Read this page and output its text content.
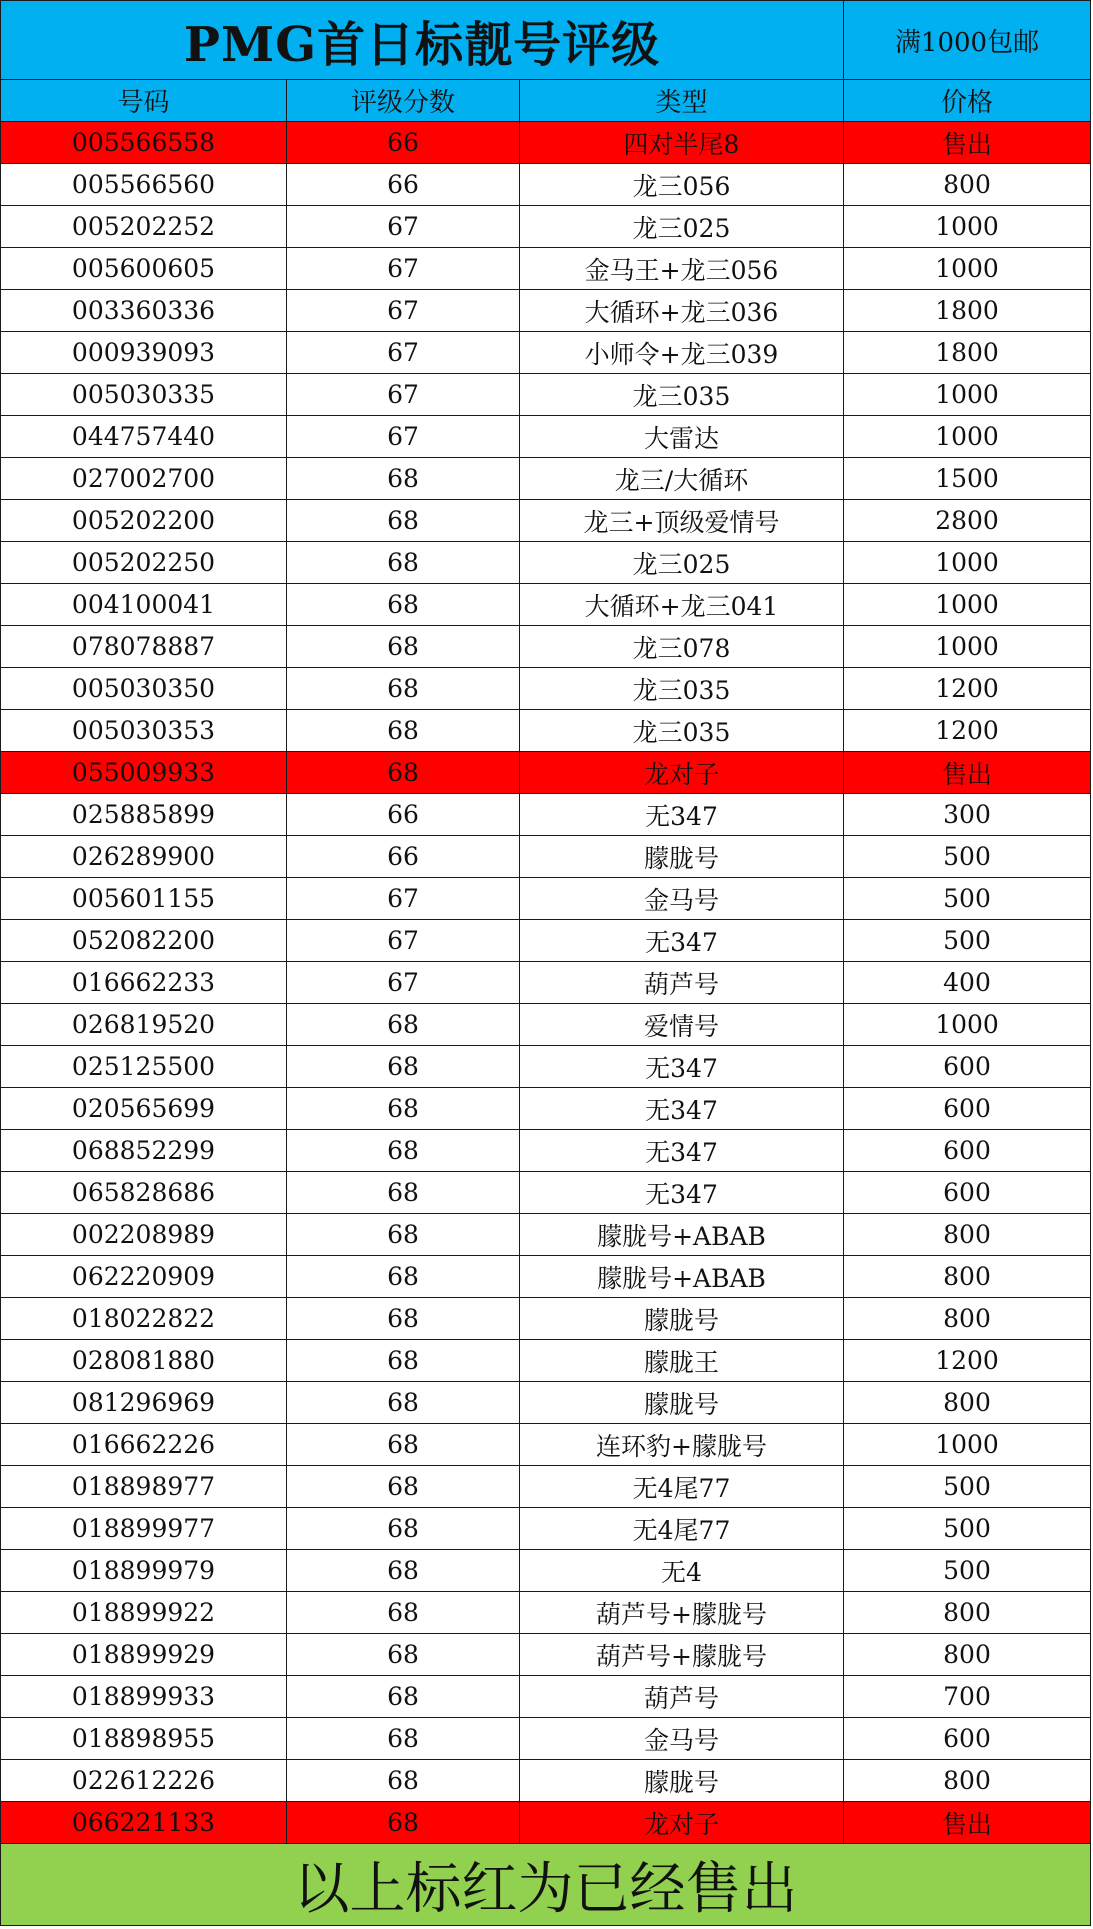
PMG首日标靓号评级			满1000包邮
号码	评级分数	类型	价格
005566558	66	四对半尾8	售出
005566560	66	龙三056	800
005202252	67	龙三025	1000
005600605	67	金马王+龙三056	1000
003360336	67	大循环+龙三036	1800
000939093	67	小师令+龙三039	1800
005030335	67	龙三035	1000
044757440	67	大雷达	1000
027002700	68	龙三/大循环	1500
005202200	68	龙三+顶级爱情号	2800
005202250	68	龙三025	1000
004100041	68	大循环+龙三041	1000
078078887	68	龙三078	1000
005030350	68	龙三035	1200
005030353	68	龙三035	1200
055009933	68	龙对子	售出
025885899	66	无347	300
026289900	66	朦胧号	500
005601155	67	金马号	500
052082200	67	无347	500
016662233	67	葫芦号	400
026819520	68	爱情号	1000
025125500	68	无347	600
020565699	68	无347	600
068852299	68	无347	600
065828686	68	无347	600
002208989	68	朦胧号+ABAB	800
062220909	68	朦胧号+ABAB	800
018022822	68	朦胧号	800
028081880	68	朦胧王	1200
081296969	68	朦胧号	800
016662226	68	连环豹+朦胧号	1000
018898977	68	无4尾77	500
018899977	68	无4尾77	500
018899979	68	无4	500
018899922	68	葫芦号+朦胧号	800
018899929	68	葫芦号+朦胧号	800
018899933	68	葫芦号	700
018898955	68	金马号	600
022612226	68	朦胧号	800
066221133	68	龙对子	售出
以上标红为已经售出			
